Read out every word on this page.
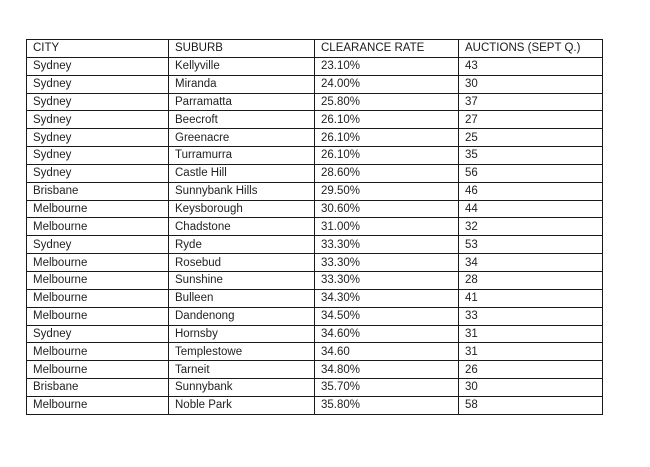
CITY	SUBURB	CLEARANCE RATE	AUCTIONS (SEPT Q.)
Sydney	Kellyville	23.10%	43
Sydney	Miranda	24.00%	30
Sydney	Parramatta	25.80%	37
Sydney	Beecroft	26.10%	27
Sydney	Greenacre	26.10%	25
Sydney	Turramurra	26.10%	35
Sydney	Castle Hill	28.60%	56
Brisbane	Sunnybank Hills	29.50%	46
Melbourne	Keysborough	30.60%	44
Melbourne	Chadstone	31.00%	32
Sydney	Ryde	33.30%	53
Melbourne	Rosebud	33.30%	34
Melbourne	Sunshine	33.30%	28
Melbourne	Bulleen	34.30%	41
Melbourne	Dandenong	34.50%	33
Sydney	Hornsby	34.60%	31
Melbourne	Templestowe	34.60	31
Melbourne	Tarneit	34.80%	26
Brisbane	Sunnybank	35.70%	30
Melbourne	Noble Park	35.80%	58
